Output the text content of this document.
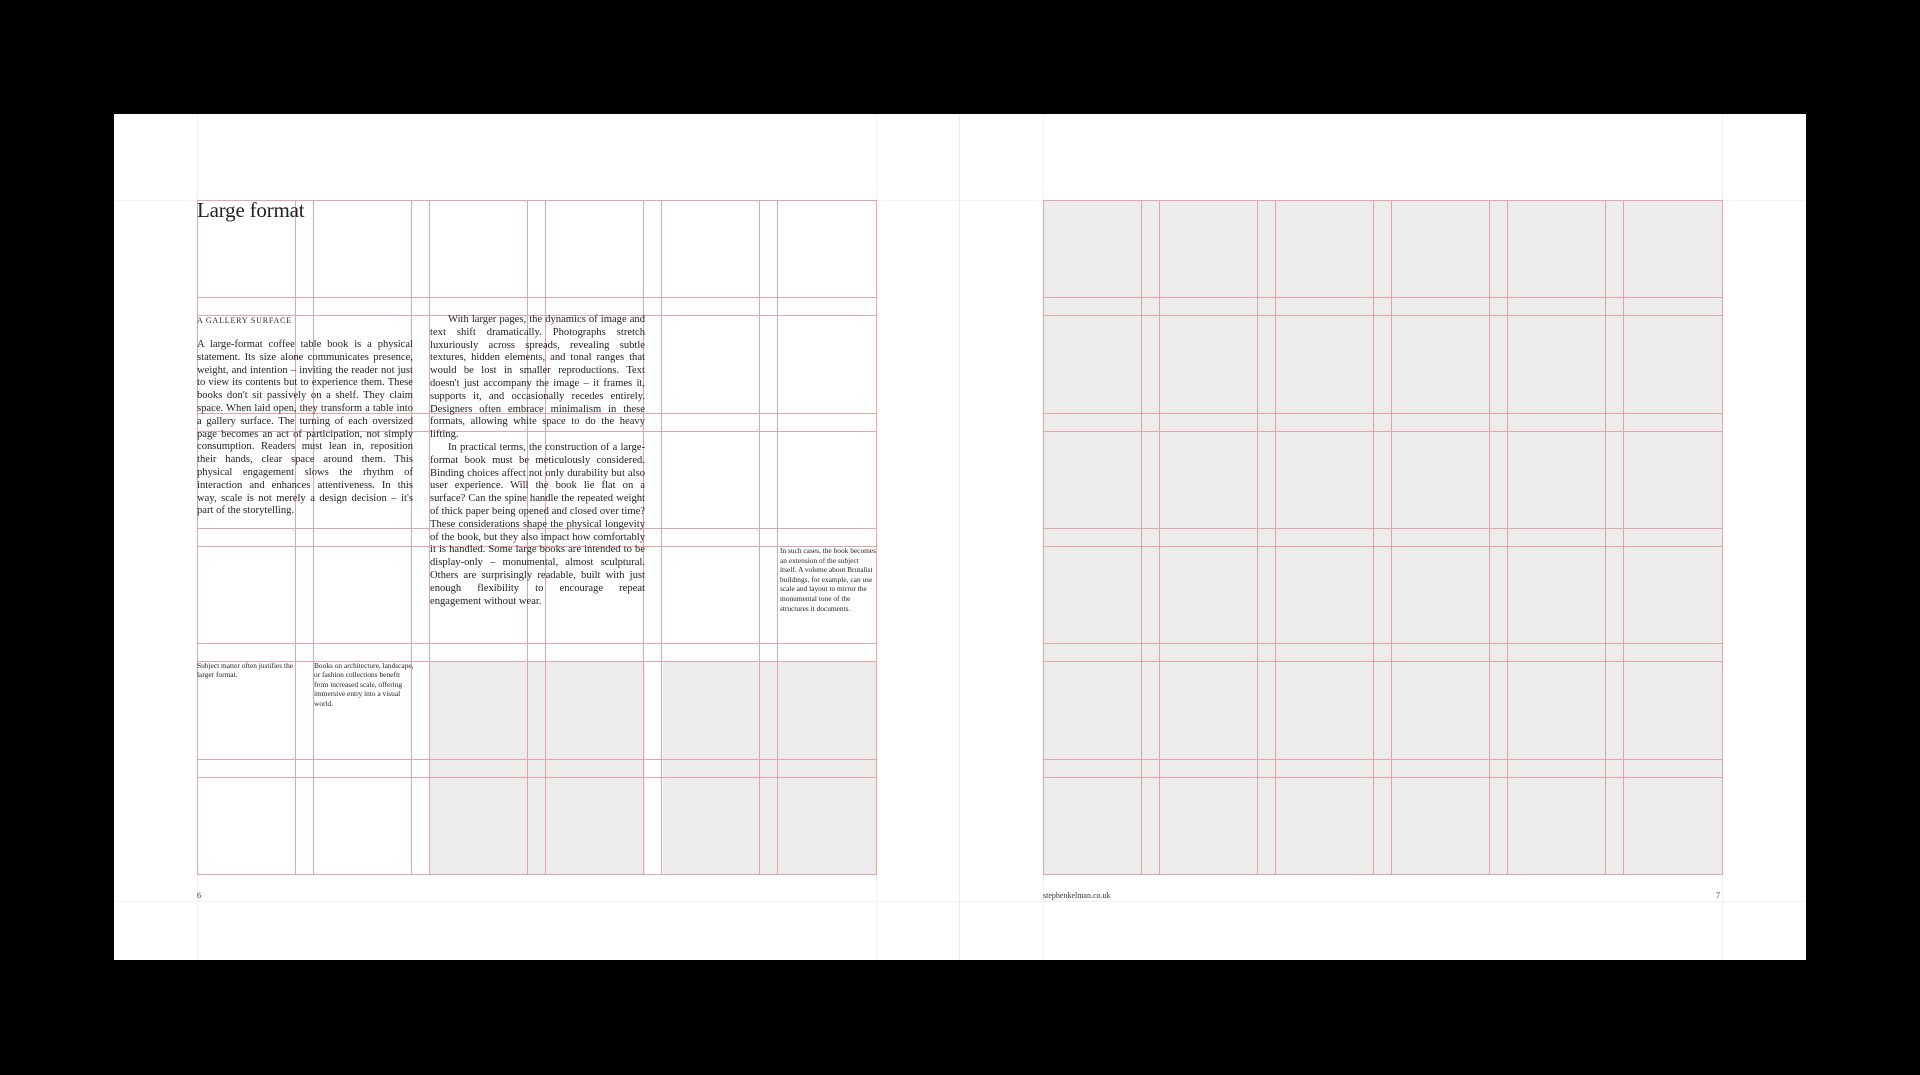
Large format
A GALLERY SURFACE
A large-format coffee table book is a physical statement. Its size alone communicates presence, weight, and intention – inviting the reader not just to view its contents but to experience them. These books don't sit passively on a shelf. They claim space. When laid open, they transform a table into a gallery surface. The turning of each oversized page becomes an act of participation, not simply consumption. Readers must lean in, reposition their hands, clear space around them. This physical engagement slows the rhythm of interaction and enhances attentiveness. In this way, scale is not merely a design decision – it's part of the storytelling.

With larger pages, the dynamics of image and text shift dramatically. Photographs stretch luxuriously across spreads, revealing subtle textures, hidden elements, and tonal ranges that would be lost in smaller reproductions. Text doesn't just accompany the image – it frames it, supports it, and occasionally recedes entirely. Designers often embrace minimalism in these formats, allowing white space to do the heavy lifting.

In practical terms, the construction of a large-format book must be meticulously considered. Binding choices affect not only durability but also user experience. Will the book lie flat on a surface? Can the spine handle the repeated weight of thick paper being opened and closed over time? These considerations shape the physical longevity of the book, but they also impact how comfortably it is handled. Some large books are intended to be display-only – monumental, almost sculptural. Others are surprisingly readable, built with just enough flexibility to encourage repeat engagement without wear.

In such cases, the book becomes an extension of the subject itself. A volume about Brutalist buildings, for example, can use scale and layout to mirror the monumental tone of the structures it documents.
Subject matter often justifies the larger format.
Books on architecture, landscape, or fashion collections benefit from increased scale, offering immersive entry into a visual world.
6	stephenkelman.co.uk	7
